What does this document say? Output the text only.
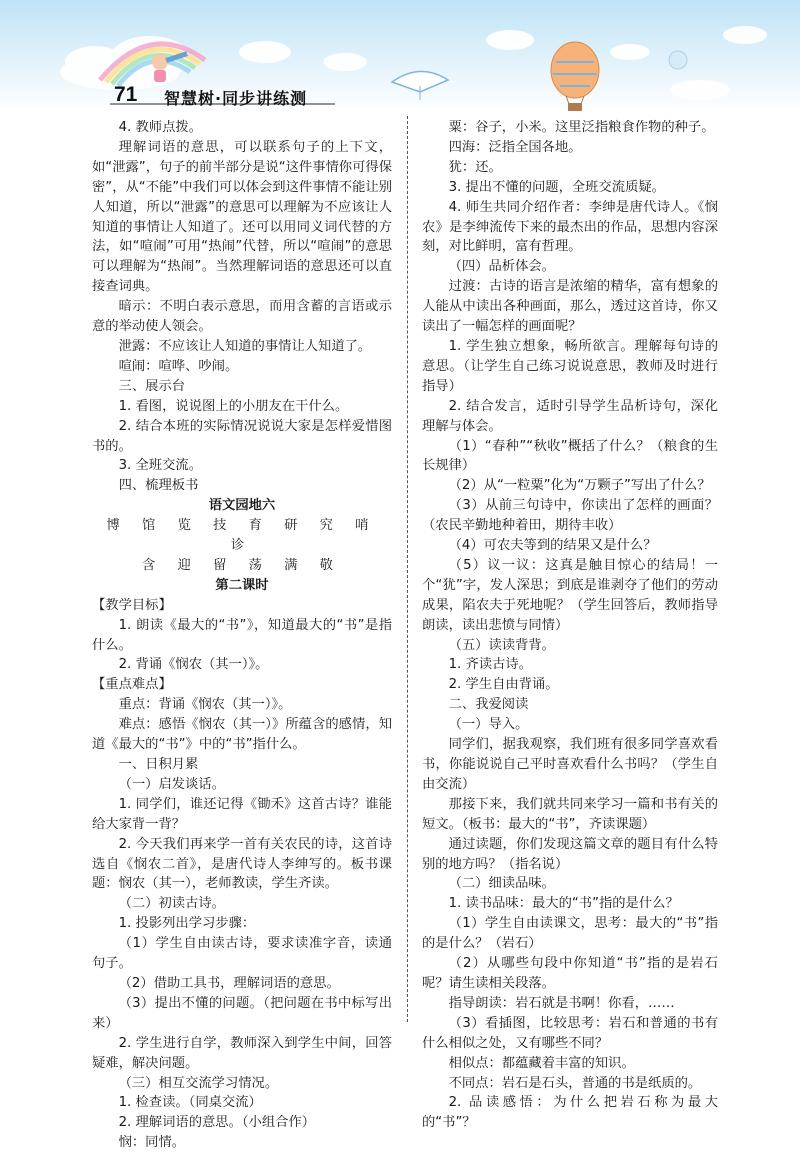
71 智慧树·同步讲练测
4. 教师点拨。
理解词语的意思，可以联系句子的上下文，如“泄露”，句子的前半部分是说“这件事情你可得保密”，从“不能”中我们可以体会到这件事情不能让别人知道，所以“泄露”的意思可以理解为不应该让人知道的事情让人知道了。还可以用同义词代替的方法，如“喧闹”可用“热闹”代替，所以“喧闹”的意思可以理解为“热闹”。当然理解词语的意思还可以直接查词典。
暗示：不明白表示意思，而用含蓄的言语或示意的举动使人领会。
泄露：不应该让人知道的事情让人知道了。
喧闹：喧哗、吵闹。
三、展示台
1. 看图，说说图上的小朋友在干什么。
2. 结合本班的实际情况说说大家是怎样爱惜图书的。
3. 全班交流。
四、梳理板书
语文园地六
博 馆 览 技 育 研 究 哨 诊
含 迎 留 荡 满 敬
第二课时
【教学目标】
1. 朗读《最大的“书”》，知道最大的“书”是指什么。
2. 背诵《悯农（其一）》。
【重点难点】
重点：背诵《悯农（其一）》。
难点：感悟《悯农（其一）》所蕴含的感情，知道《最大的“书”》中的“书”指什么。
一、日积月累
（一）启发谈话。
1. 同学们，谁还记得《锄禾》这首古诗？谁能给大家背一背？
2. 今天我们再来学一首有关农民的诗，这首诗选自《悯农二首》，是唐代诗人李绅写的。板书课题：悯农（其一），老师教读，学生齐读。
（二）初读古诗。
1. 投影列出学习步骤：
（1）学生自由读古诗，要求读准字音，读通句子。
（2）借助工具书，理解词语的意思。
（3）提出不懂的问题。（把问题在书中标写出来）
2. 学生进行自学，教师深入到学生中间，回答疑难，解决问题。
（三）相互交流学习情况。
1. 检查读。（同桌交流）
2. 理解词语的意思。（小组合作）
悯：同情。
粟：谷子，小米。这里泛指粮食作物的种子。
四海：泛指全国各地。
犹：还。
3. 提出不懂的问题，全班交流质疑。
4. 师生共同介绍作者：李绅是唐代诗人。《悯农》是李绅流传下来的最杰出的作品，思想内容深刻，对比鲜明，富有哲理。
（四）品析体会。
过渡：古诗的语言是浓缩的精华，富有想象的人能从中读出各种画面，那么，透过这首诗，你又读出了一幅怎样的画面呢？
1. 学生独立想象，畅所欲言。理解每句诗的意思。（让学生自己练习说说意思，教师及时进行指导）
2. 结合发言，适时引导学生品析诗句，深化理解与体会。
（1）“春种”“秋收”概括了什么？（粮食的生长规律）
（2）从“一粒粟”化为“万颗子”写出了什么？
（3）从前三句诗中，你读出了怎样的画面？（农民辛勤地种着田，期待丰收）
（4）可农夫等到的结果又是什么？
（5）议一议：这真是触目惊心的结局！一个“犹”字，发人深思；到底是谁剥夺了他们的劳动成果，陷农夫于死地呢？（学生回答后，教师指导朗读，读出悲愤与同情）
（五）读读背背。
1. 齐读古诗。
2. 学生自由背诵。
二、我爱阅读
（一）导入。
同学们，据我观察，我们班有很多同学喜欢看书，你能说说自己平时喜欢看什么书吗？（学生自由交流）
那接下来，我们就共同来学习一篇和书有关的短文。（板书：最大的“书”，齐读课题）
通过读题，你们发现这篇文章的题目有什么特别的地方吗？（指名说）
（二）细读品味。
1. 读书品味：最大的“书”指的是什么？
（1）学生自由读课文，思考：最大的“书”指的是什么？（岩石）
（2）从哪些句段中你知道“书”指的是岩石呢？请生读相关段落。
指导朗读：岩石就是书啊！你看，……
（3）看插图，比较思考：岩石和普通的书有什么相似之处，又有哪些不同？
相似点：都蕴藏着丰富的知识。
不同点：岩石是石头，普通的书是纸质的。
2. 品读感悟：为什么把岩石称为最大的“书”？
